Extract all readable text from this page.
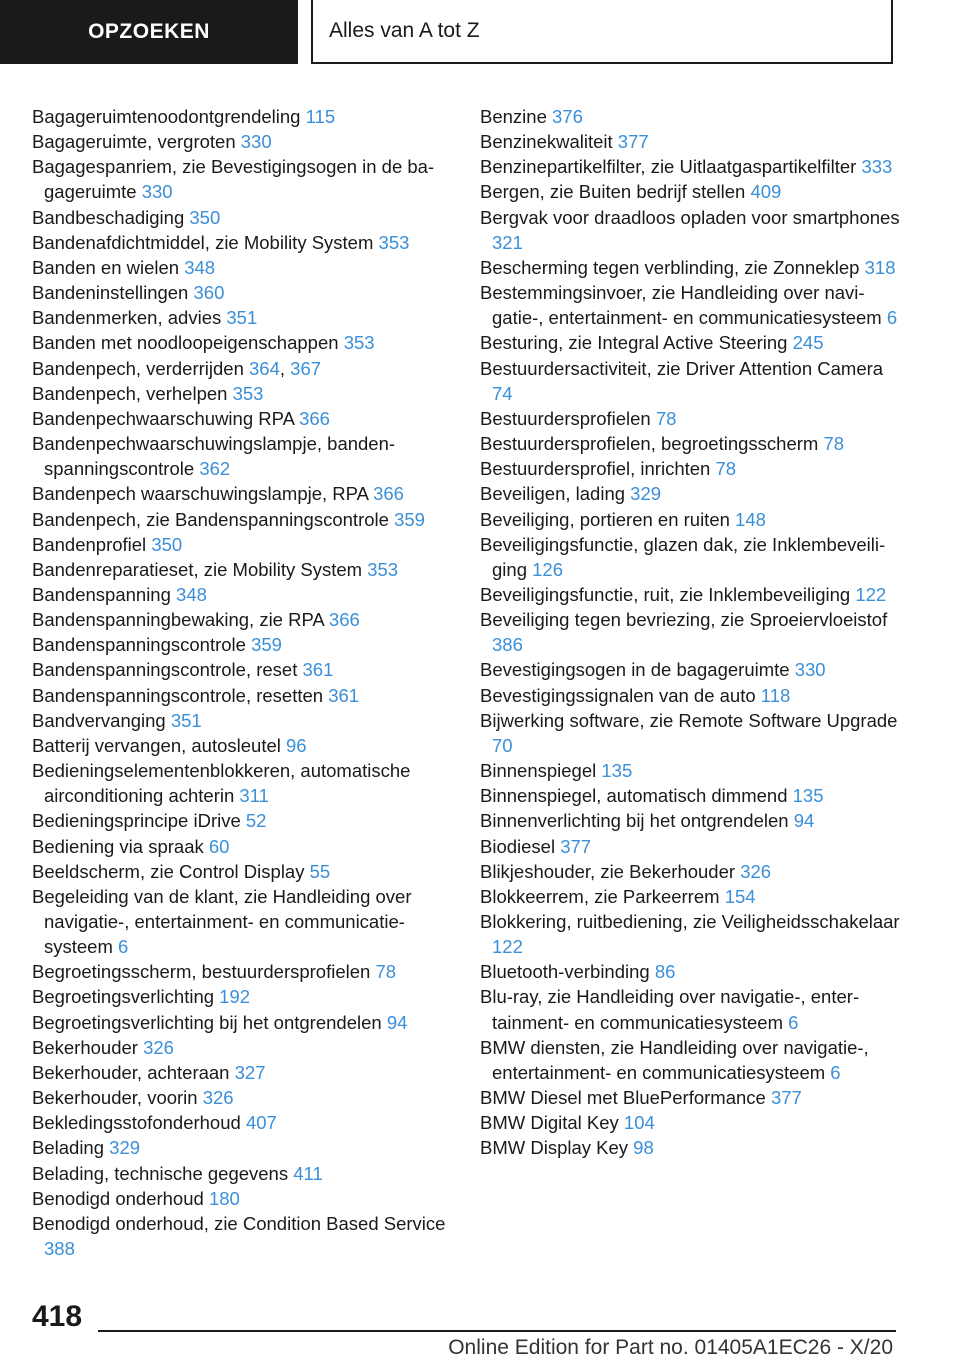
OPZOEKEN	Alles van A tot Z
Bagageruimtenoodontgrendeling 115
Bagageruimte, vergroten 330
Bagagespanriem, zie Bevestigingsogen in de bagageruimte 330
Bandbeschadiging 350
Bandenafdichtmiddel, zie Mobility System 353
Banden en wielen 348
Bandeninstellingen 360
Bandenmerken, advies 351
Banden met noodloopeigenschappen 353
Bandenpech, verderrijden 364, 367
Bandenpech, verhelpen 353
Bandenpechwaarschuwing RPA 366
Bandenpechwaarschuwingslampje, bandenspanningscontrole 362
Bandenpech waarschuwingslampje, RPA 366
Bandenpech, zie Bandenspanningscontrole 359
Bandenprofiel 350
Bandenreparatieset, zie Mobility System 353
Bandenspanning 348
Bandenspanningbewaking, zie RPA 366
Bandenspanningscontrole 359
Bandenspanningscontrole, reset 361
Bandenspanningscontrole, resetten 361
Bandvervanging 351
Batterij vervangen, autosleutel 96
Bedieningselementenblokkeren, automatische airconditioning achterin 311
Bedieningsprincipe iDrive 52
Bediening via spraak 60
Beeldscherm, zie Control Display 55
Begeleiding van de klant, zie Handleiding over navigatie-, entertainment- en communicatiesysteem 6
Begroetingsscherm, bestuurdersprofielen 78
Begroetingsverlichting 192
Begroetingsverlichting bij het ontgrendelen 94
Bekerhouder 326
Bekerhouder, achteraan 327
Bekerhouder, voorin 326
Bekledingsstofonderhoud 407
Belading 329
Belading, technische gegevens 411
Benodigd onderhoud 180
Benodigd onderhoud, zie Condition Based Service 388
Benzine 376
Benzinekwaliteit 377
Benzinepartikelfilter, zie Uitlaatgaspartikelfilter 333
Bergen, zie Buiten bedrijf stellen 409
Bergvak voor draadloos opladen voor smartphones 321
Bescherming tegen verblinding, zie Zonneklep 318
Bestemmingsinvoer, zie Handleiding over navigatie-, entertainment- en communicatiesysteem 6
Besturing, zie Integral Active Steering 245
Bestuurdersactiviteit, zie Driver Attention Camera 74
Bestuurdersprofielen 78
Bestuurdersprofielen, begroetingsscherm 78
Bestuurdersprofiel, inrichten 78
Beveiligen, lading 329
Beveiliging, portieren en ruiten 148
Beveiligingsfunctie, glazen dak, zie Inklembeveiliging 126
Beveiligingsfunctie, ruit, zie Inklembeveiliging 122
Beveiliging tegen bevriezing, zie Sproeiervloeistof 386
Bevestigingsogen in de bagageruimte 330
Bevestigingssignalen van de auto 118
Bijwerking software, zie Remote Software Upgrade 70
Binnenspiegel 135
Binnenspiegel, automatisch dimmend 135
Binnenverlichting bij het ontgrendelen 94
Biodiesel 377
Blikjeshouder, zie Bekerhouder 326
Blokkeerrem, zie Parkeerrem 154
Blokkering, ruitbediening, zie Veiligheidsschakelaar 122
Bluetooth-verbinding 86
Blu-ray, zie Handleiding over navigatie-, entertainment- en communicatiesysteem 6
BMW diensten, zie Handleiding over navigatie-, entertainment- en communicatiesysteem 6
BMW Diesel met BluePerformance 377
BMW Digital Key 104
BMW Display Key 98
418
Online Edition for Part no. 01405A1EC26 - X/20
